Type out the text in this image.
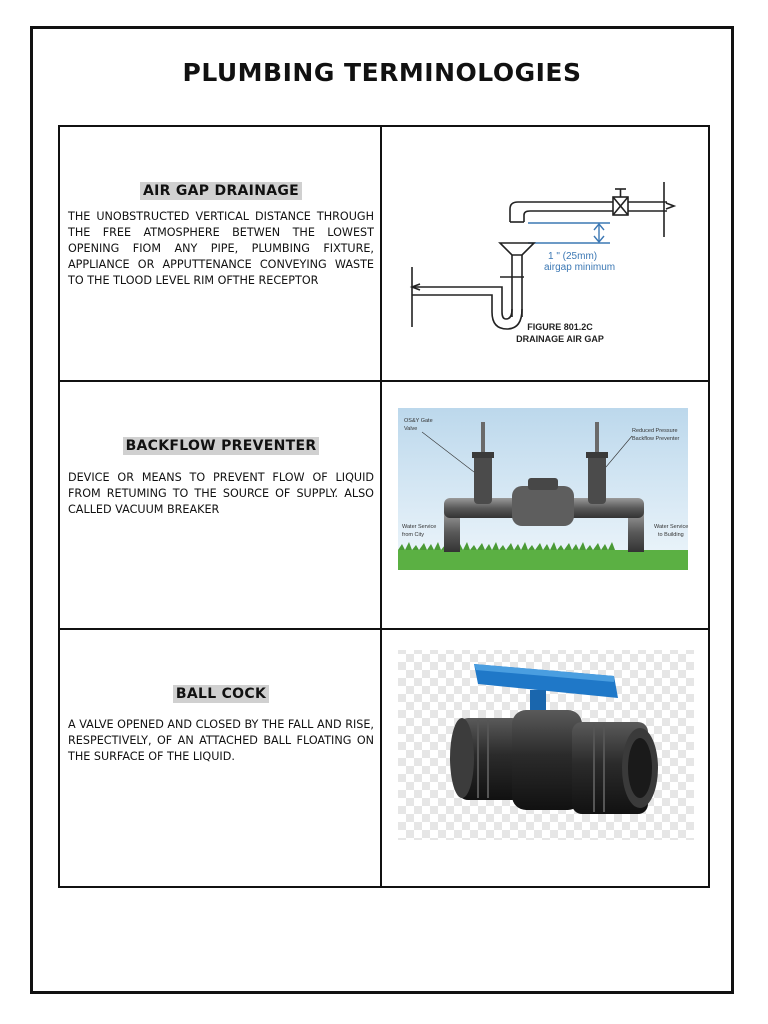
PLUMBING TERMINOLOGIES
AIR GAP DRAINAGE

THE UNOBSTRUCTED VERTICAL DISTANCE THROUGH THE FREE ATMOSPHERE BETWEN THE LOWEST OPENING FIOM ANY PIPE, PLUMBING FIXTURE, APPLIANCE OR APPUTTENANCE CONVEYING WASTE TO THE TLOOD LEVEL RIM OFTHE RECEPTOR

1 " (25mm)
airgap minimum
FIGURE 801.2C
DRAINAGE AIR GAP
BACKFLOW PREVENTER

DEVICE OR MEANS TO PREVENT FLOW OF LIQUID FROM RETUMING TO THE SOURCE OF SUPPLY. ALSO CALLED VACUUM BREAKER

OS&Y Gate
Valve	Reduced Pressure
Backflow Preventer
Water Service
from City
Water Service
to Building
BALL COCK

A VALVE OPENED AND CLOSED BY THE FALL AND RISE, RESPECTIVELY, OF AN ATTACHED BALL FLOATING ON THE SURFACE OF THE LIQUID.
